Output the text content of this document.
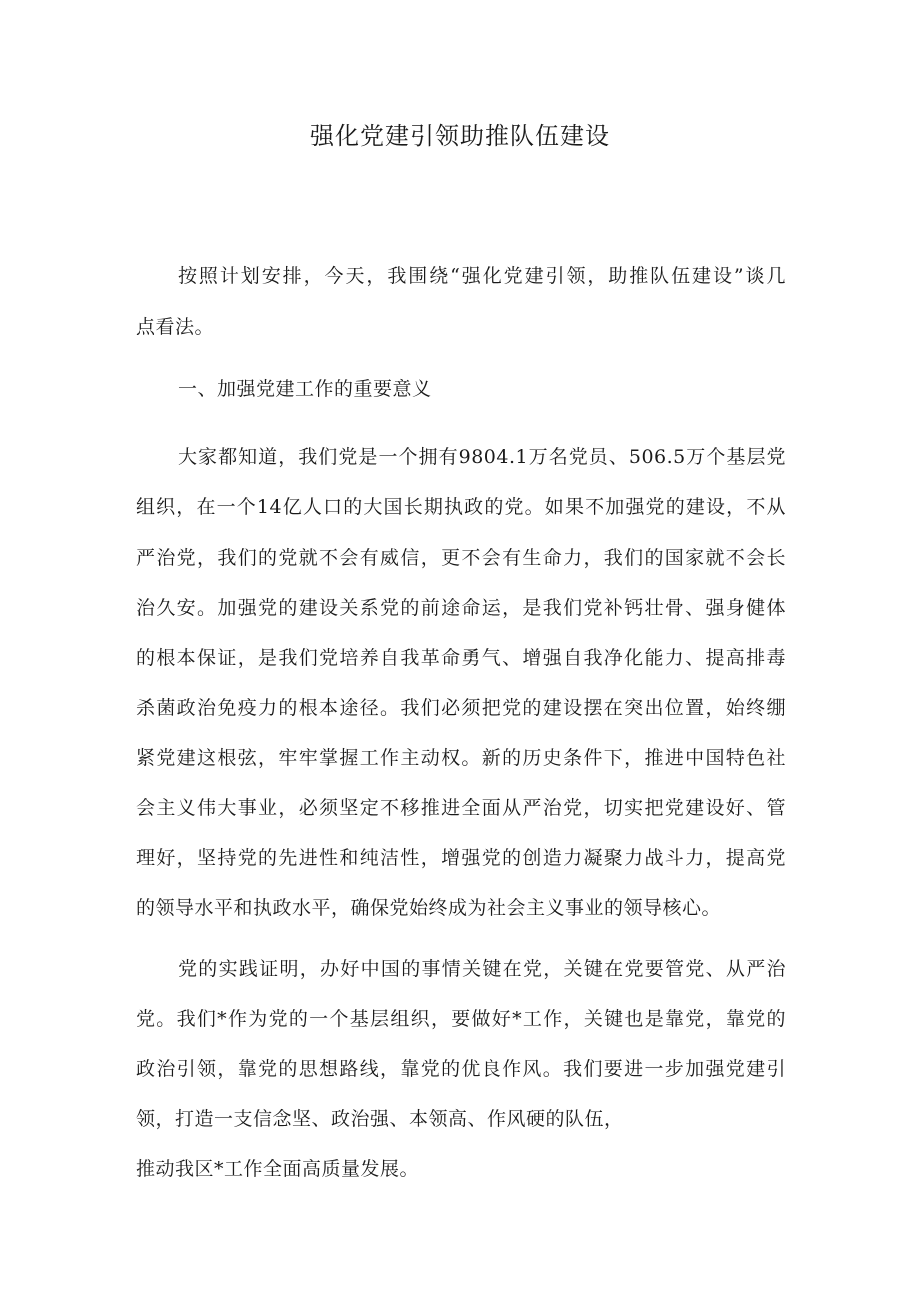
强化党建引领助推队伍建设
按照计划安排，今天，我围绕“强化党建引领，助推队伍建设”谈几
点看法。
一、加强党建工作的重要意义
大家都知道，我们党是一个拥有9804.1万名党员、506.5万个基层党
组织，在一个14亿人口的大国长期执政的党。如果不加强党的建设，不从
严治党，我们的党就不会有威信，更不会有生命力，我们的国家就不会长
治久安。加强党的建设关系党的前途命运，是我们党补钙壮骨、强身健体
的根本保证，是我们党培养自我革命勇气、增强自我净化能力、提高排毒
杀菌政治免疫力的根本途径。我们必须把党的建设摆在突出位置，始终绷
紧党建这根弦，牢牢掌握工作主动权。新的历史条件下，推进中国特色社
会主义伟大事业，必须坚定不移推进全面从严治党，切实把党建设好、管
理好，坚持党的先进性和纯洁性，增强党的创造力凝聚力战斗力，提高党
的领导水平和执政水平，确保党始终成为社会主义事业的领导核心。
党的实践证明，办好中国的事情关键在党，关键在党要管党、从严治
党。我们*作为党的一个基层组织，要做好*工作，关键也是靠党，靠党的
政治引领，靠党的思想路线，靠党的优良作风。我们要进一步加强党建引
领，打造一支信念坚、政治强、本领高、作风硬的队伍，
推动我区*工作全面高质量发展。
